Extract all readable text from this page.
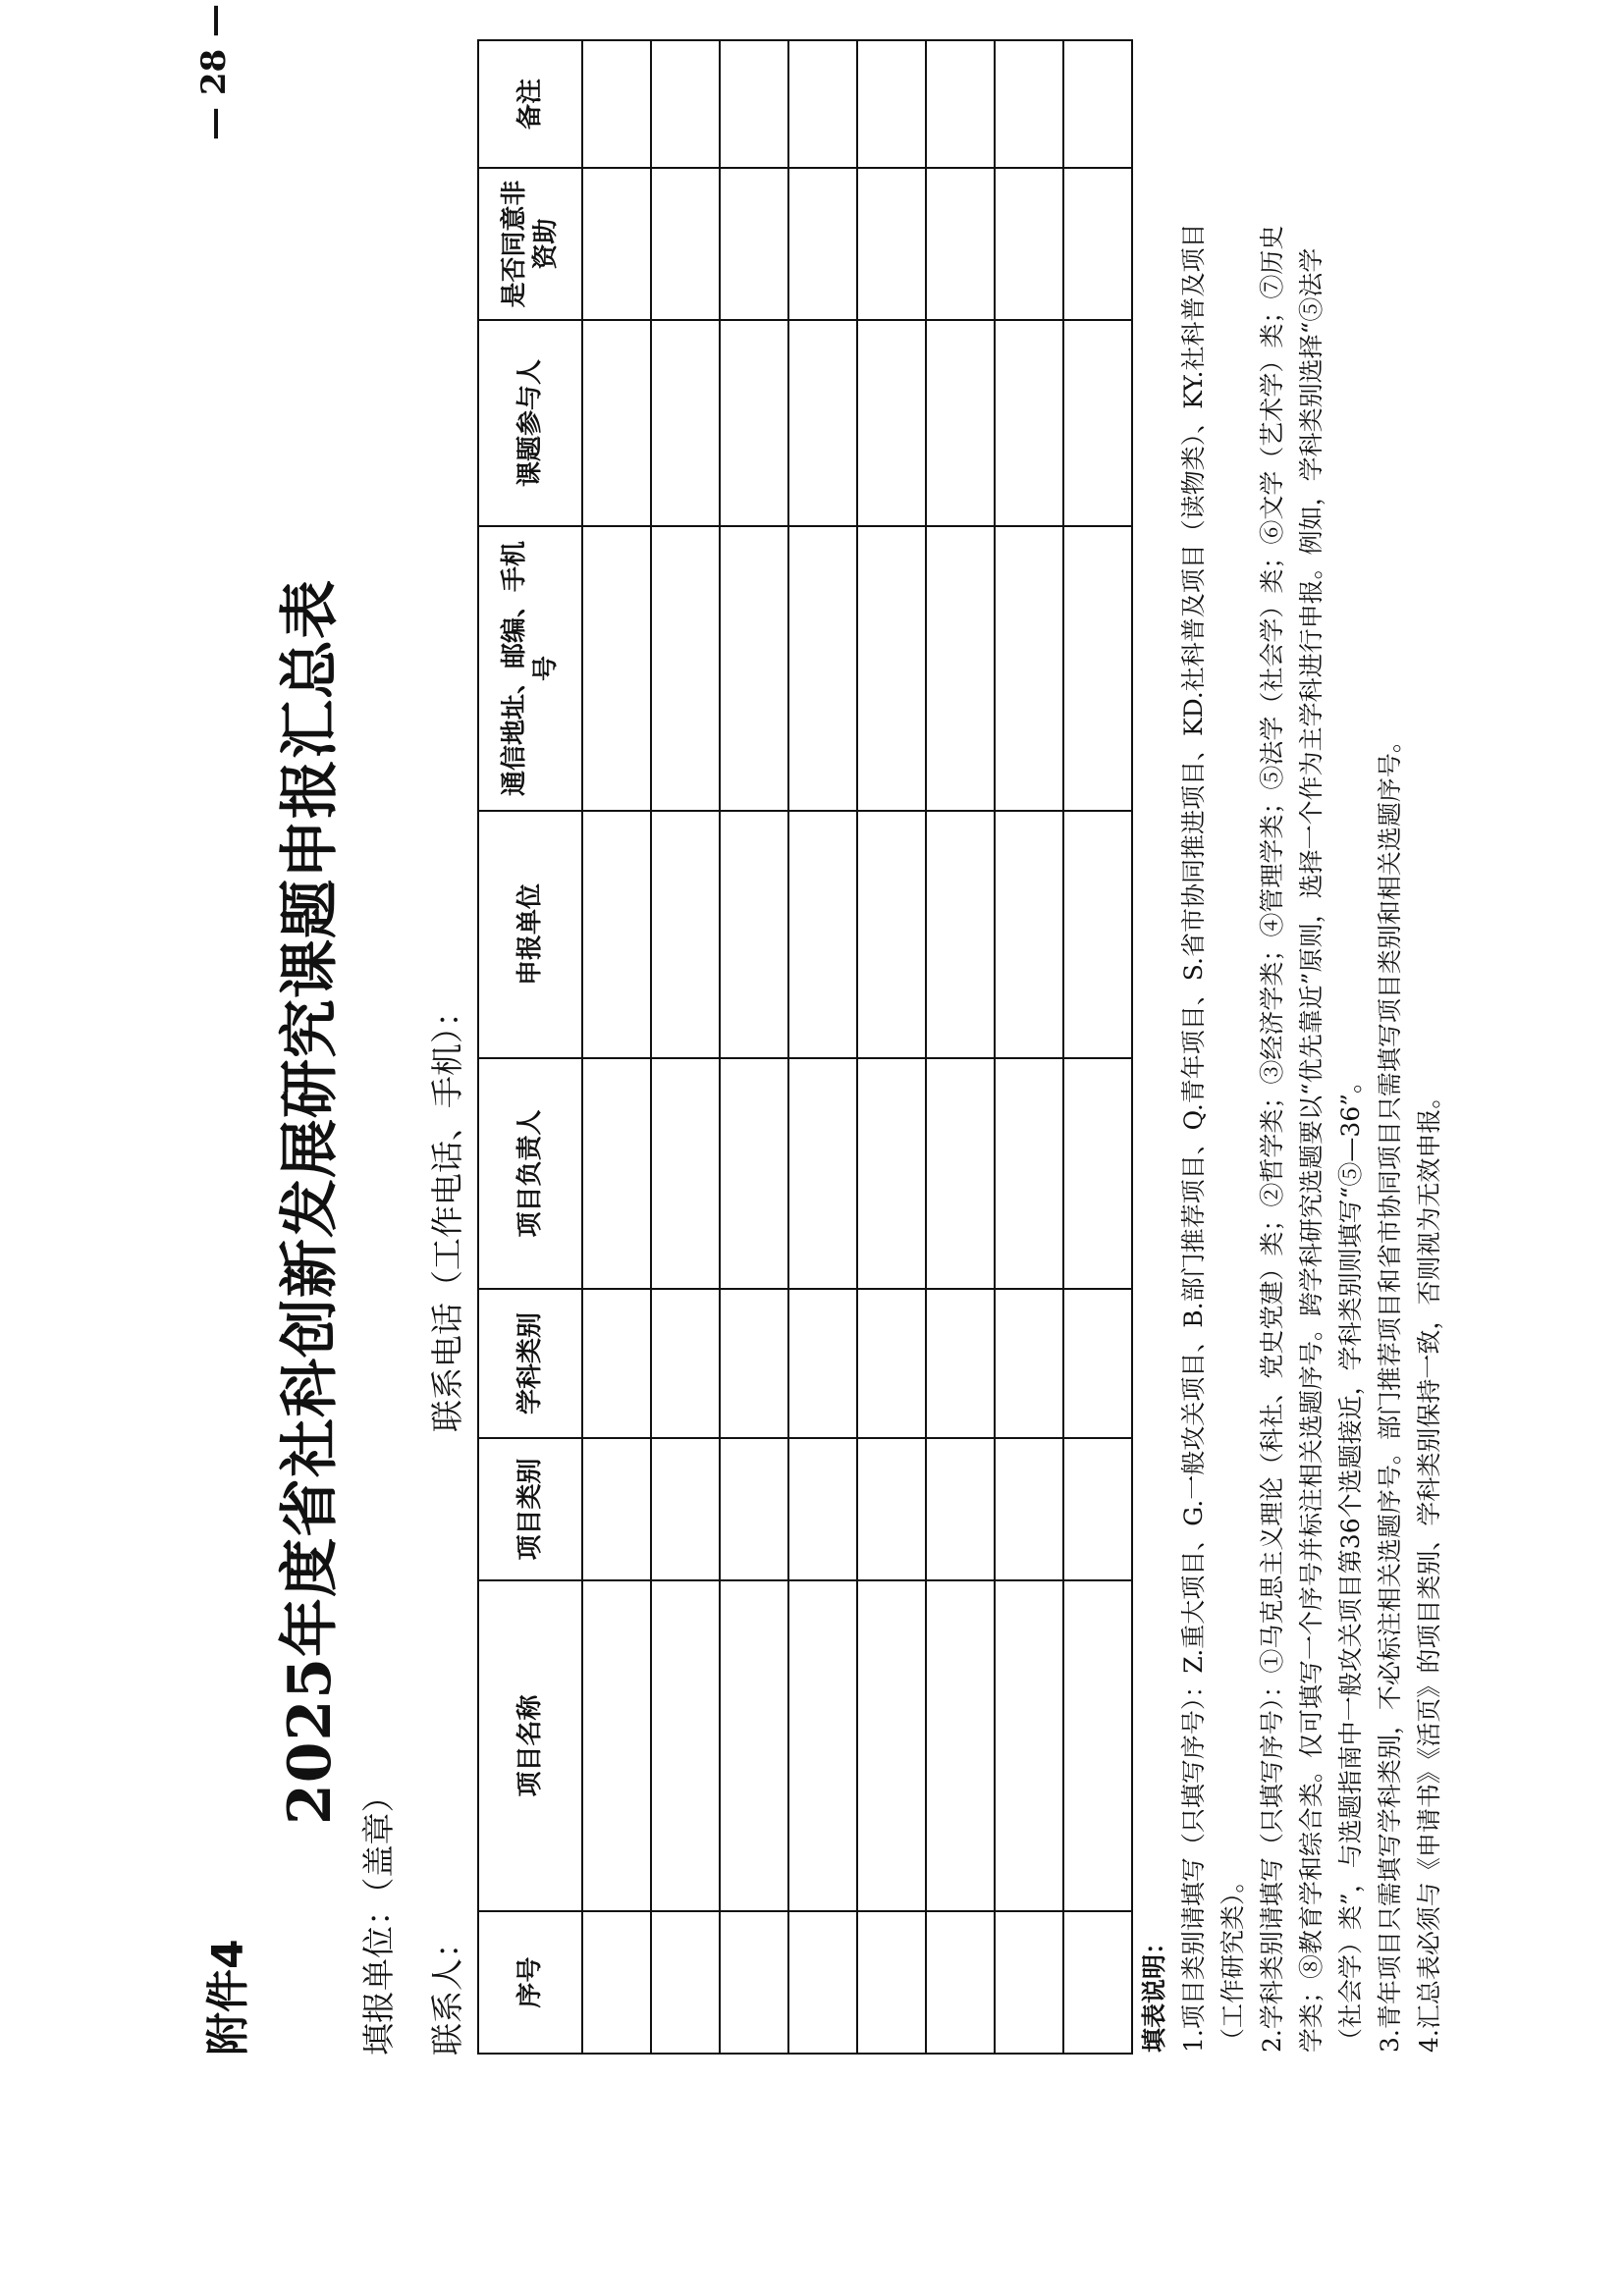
附件4
2025年度省社科创新发展研究课题申报汇总表
填报单位：（盖章） 联系人：
联系电话（工作电话、手机）：
序号	项目名称	项目类别	学科类别	项目负责人	申报单位	通信地址、邮编、手机号	课题参与人	是否同意非资助	备注

填表说明： 1.项目类别请填写（只填写序号）：Z.重大项目、G.一般攻关项目、B.部门推荐项目、Q.青年项目、S.省市协同推进项目、KD.社科普及项目（读物类）、KY.社科普及项目（工作研究类）。 2.学科类别请填写（只填写序号）：①马克思主义理论（科社、党史党建）类；②哲学类；③经济学类；④管理学类；⑤法学（社会学）类；⑥文学（艺术学）类；⑦历史学类；⑧教育学和综合类。仅可填写一个序号并标注相关选题序号。跨学科研究选题要以“优先靠近”原则，选择一个作为主学科进行申报。例如，学科类别选择“⑤法学（社会学）类”，与选题指南中一般攻关项目第36个选题接近，学科类别则填写“⑤—36”。 3.青年项目只需填写学科类别，不必标注相关选题序号。部门推荐项目和省市协同项目只需填写项目类别和相关选题序号。 4.汇总表必须与《申请书》《活页》的项目类别、学科类别保持一致，否则视为无效申报。

— 28 —
